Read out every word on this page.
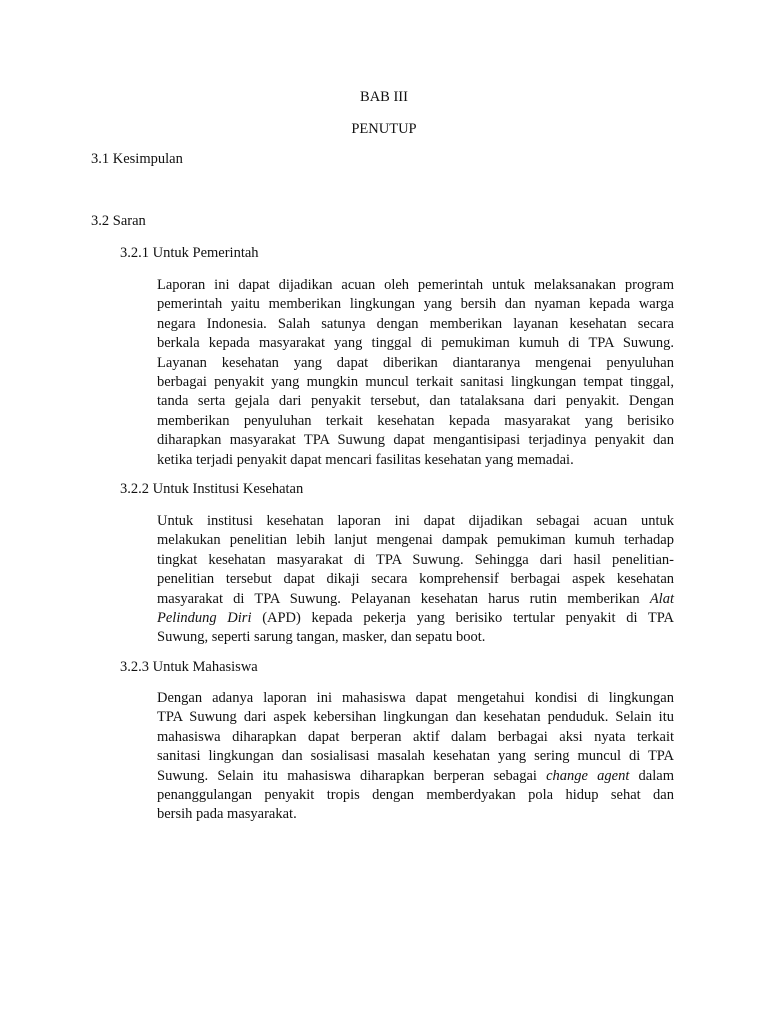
BAB III
PENUTUP
3.1 Kesimpulan
3.2 Saran
3.2.1 Untuk Pemerintah
Laporan ini dapat dijadikan acuan oleh pemerintah untuk melaksanakan program
pemerintah yaitu memberikan lingkungan yang bersih dan nyaman kepada warga
negara Indonesia. Salah satunya dengan memberikan layanan kesehatan secara
berkala kepada masyarakat yang tinggal di pemukiman kumuh di TPA Suwung.
Layanan kesehatan yang dapat diberikan diantaranya mengenai penyuluhan
berbagai penyakit yang mungkin muncul terkait sanitasi lingkungan tempat tinggal,
tanda serta gejala dari penyakit tersebut, dan tatalaksana dari penyakit. Dengan
memberikan penyuluhan terkait kesehatan kepada masyarakat yang berisiko
diharapkan masyarakat TPA Suwung dapat mengantisipasi terjadinya penyakit dan
ketika terjadi penyakit dapat mencari fasilitas kesehatan yang memadai.
3.2.2 Untuk Institusi Kesehatan
Untuk institusi kesehatan laporan ini dapat dijadikan sebagai acuan untuk
melakukan penelitian lebih lanjut mengenai dampak pemukiman kumuh terhadap
tingkat kesehatan masyarakat di TPA Suwung. Sehingga dari hasil penelitian-
penelitian tersebut dapat dikaji secara komprehensif berbagai aspek kesehatan
masyarakat di TPA Suwung. Pelayanan kesehatan harus rutin memberikan Alat
Pelindung Diri (APD) kepada pekerja yang berisiko tertular penyakit di TPA
Suwung, seperti sarung tangan, masker, dan sepatu boot.
3.2.3 Untuk Mahasiswa
Dengan adanya laporan ini mahasiswa dapat mengetahui kondisi di lingkungan
TPA Suwung dari aspek kebersihan lingkungan dan kesehatan penduduk. Selain itu
mahasiswa diharapkan dapat berperan aktif dalam berbagai aksi nyata terkait
sanitasi lingkungan dan sosialisasi masalah kesehatan yang sering muncul di TPA
Suwung. Selain itu mahasiswa diharapkan berperan sebagai change agent dalam
penanggulangan penyakit tropis dengan memberdyakan pola hidup sehat dan
bersih pada masyarakat.
